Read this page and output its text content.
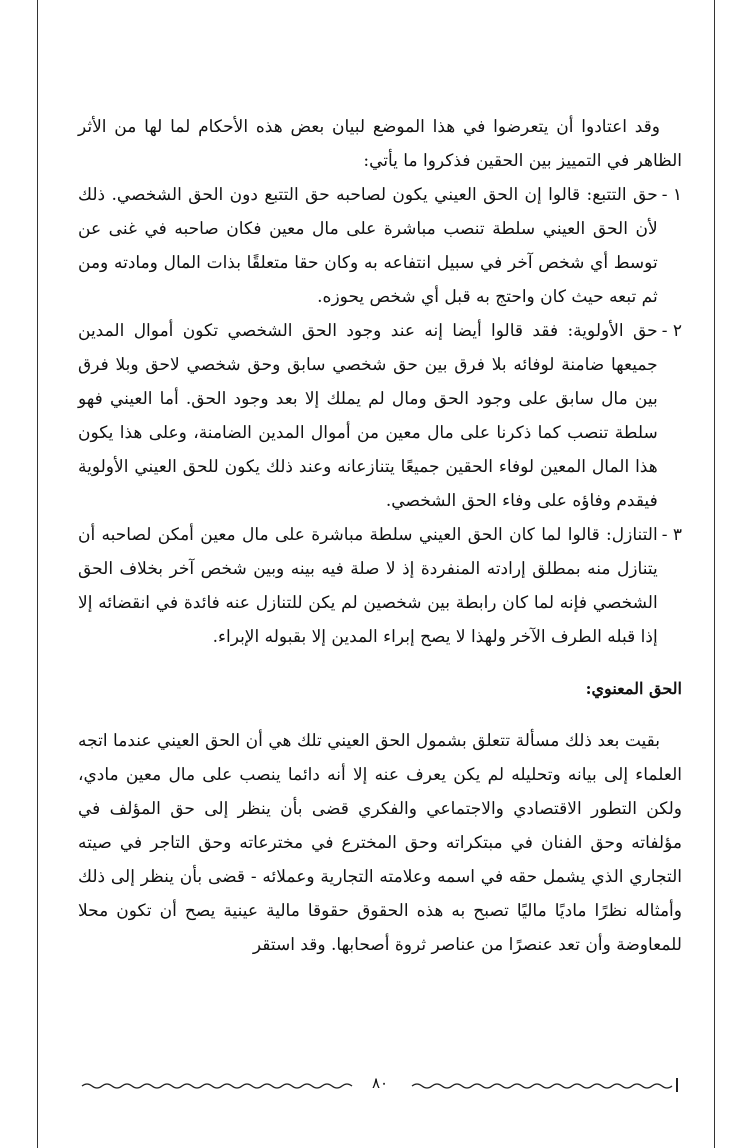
وقد اعتادوا أن يتعرضوا في هذا الموضع لبيان بعض هذه الأحكام لما لها من الأثر الظاهر في التمييز بين الحقين فذكروا ما يأتي:

١ -
حق التتبع: قالوا إن الحق العيني يكون لصاحبه حق التتبع دون الحق الشخصي. ذلك لأن الحق العيني سلطة تنصب مباشرة على مال معين فكان صاحبه في غنى عن توسط أي شخص آخر في سبيل انتفاعه به وكان حقا متعلقًا بذات المال ومادته ومن ثم تبعه حيث كان واحتج به قبل أي شخص يحوزه.
٢ -
حق الأولوية: فقد قالوا أيضا إنه عند وجود الحق الشخصي تكون أموال المدين جميعها ضامنة لوفائه بلا فرق بين حق شخصي سابق وحق شخصي لاحق وبلا فرق بين مال سابق على وجود الحق ومال لم يملك إلا بعد وجود الحق. أما العيني فهو سلطة تنصب كما ذكرنا على مال معين من أموال المدين الضامنة، وعلى هذا يكون هذا المال المعين لوفاء الحقين جميعًا يتنازعانه وعند ذلك يكون للحق العيني الأولوية فيقدم وفاؤه على وفاء الحق الشخصي.
٣ -
التنازل: قالوا لما كان الحق العيني سلطة مباشرة على مال معين أمكن لصاحبه أن يتنازل منه بمطلق إرادته المنفردة إذ لا صلة فيه بينه وبين شخص آخر بخلاف الحق الشخصي فإنه لما كان رابطة بين شخصين لم يكن للتنازل عنه فائدة في انقضائه إلا إذا قبله الطرف الآخر ولهذا لا يصح إبراء المدين إلا بقبوله الإبراء.

الحق المعنوي:

بقيت بعد ذلك مسألة تتعلق بشمول الحق العيني تلك هي أن الحق العيني عندما اتجه العلماء إلى بيانه وتحليله لم يكن يعرف عنه إلا أنه دائما ينصب على مال معين مادي، ولكن التطور الاقتصادي والاجتماعي والفكري قضى بأن ينظر إلى حق المؤلف في مؤلفاته وحق الفنان في مبتكراته وحق المخترع في مخترعاته وحق التاجر في صيته التجاري الذي يشمل حقه في اسمه وعلامته التجارية وعملائه - قضى بأن ينظر إلى ذلك وأمثاله نظرًا ماديًا ماليًا تصبح به هذه الحقوق حقوقا مالية عينية يصح أن تكون محلا للمعاوضة وأن تعد عنصرًا من عناصر ثروة أصحابها. وقد استقر

٨٠
